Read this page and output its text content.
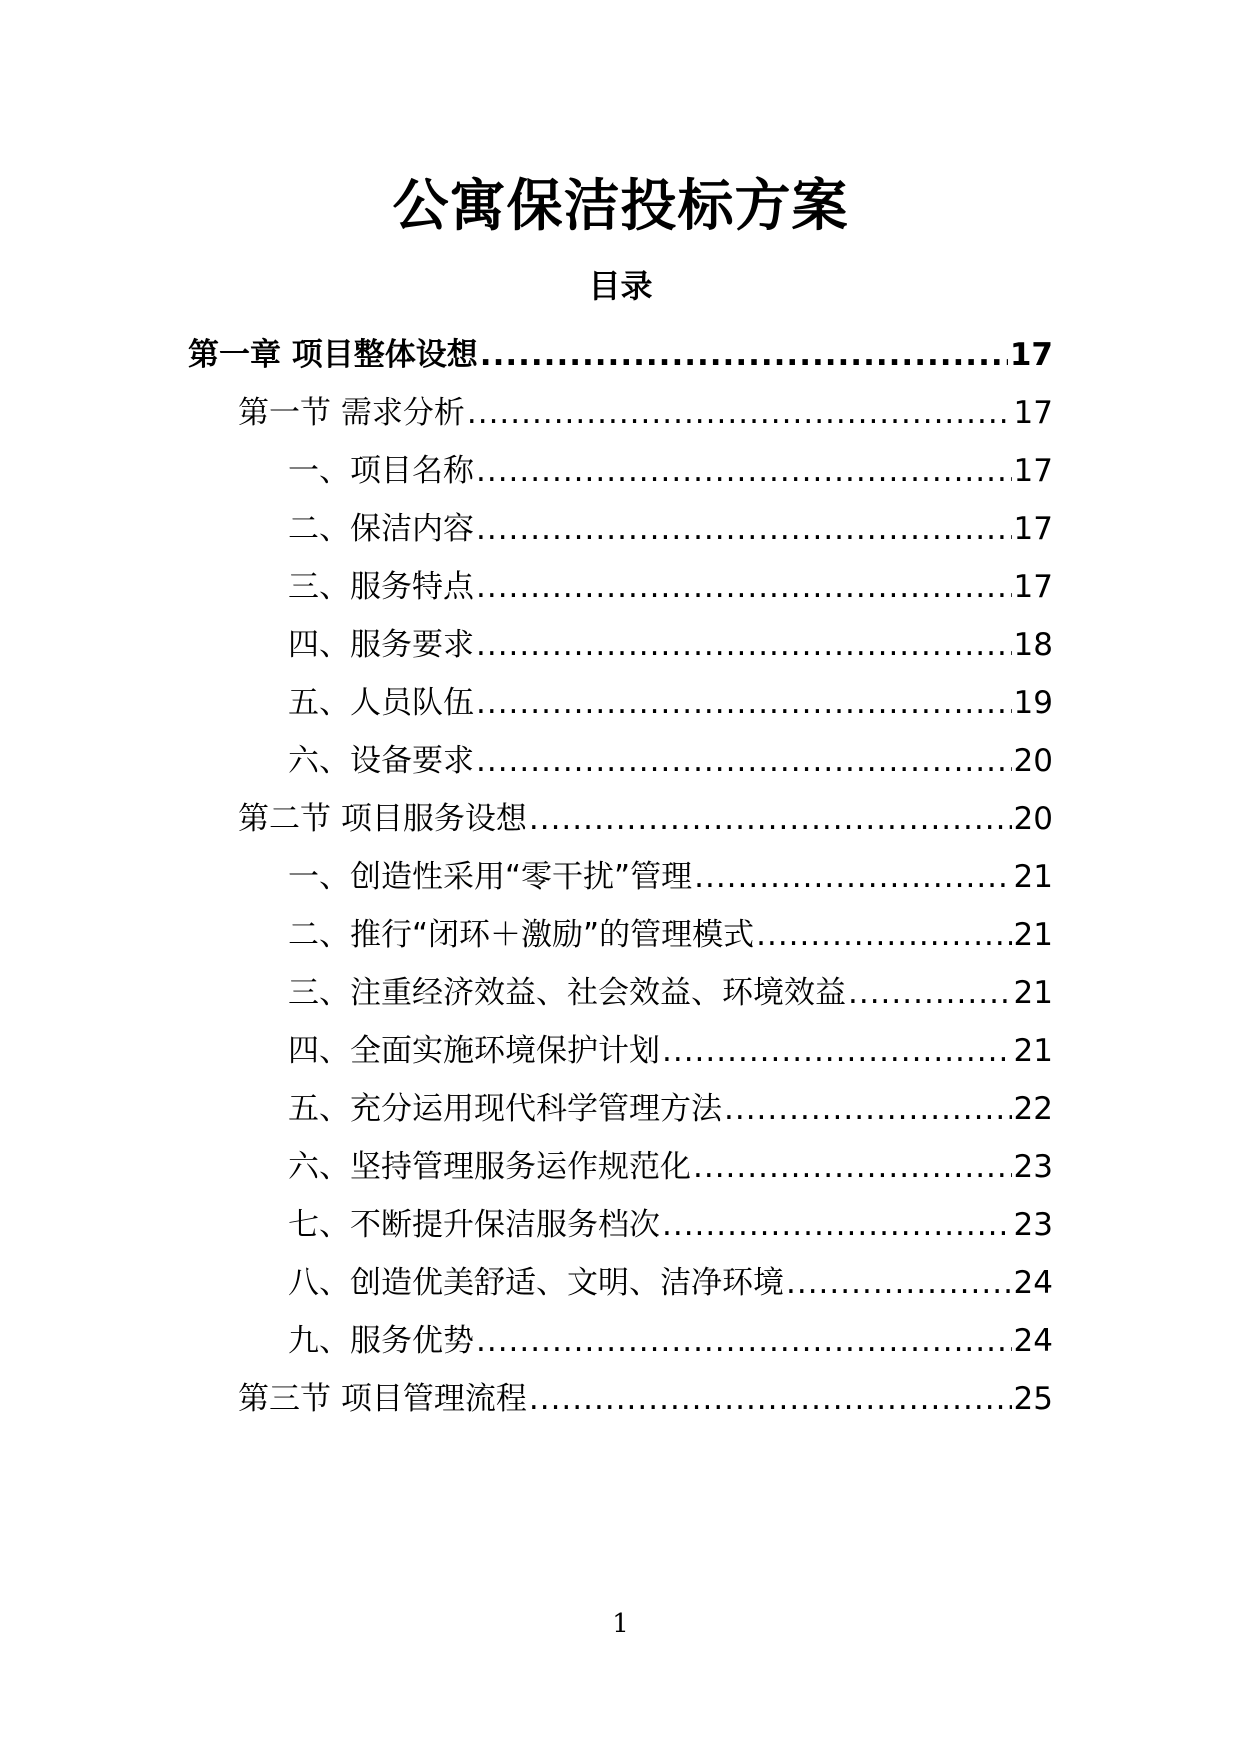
公寓保洁投标方案
目录
第一章 项目整体设想 .....	17
第一节 需求分析 .....	17
一、项目名称 .....	17
二、保洁内容 .....	17
三、服务特点 .....	17
四、服务要求 .....	18
五、人员队伍 .....	19
六、设备要求 .....	20
第二节 项目服务设想 .....	20
一、创造性采用“零干扰”管理 .....	21
二、推行“闭环＋激励”的管理模式 .....	21
三、注重经济效益、社会效益、环境效益 .....	21
四、全面实施环境保护计划 .....	21
五、充分运用现代科学管理方法 .....	22
六、坚持管理服务运作规范化 .....	23
七、不断提升保洁服务档次 .....	23
八、创造优美舒适、文明、洁净环境 .....	24
九、服务优势 .....	24
第三节 项目管理流程 .....	25
1
